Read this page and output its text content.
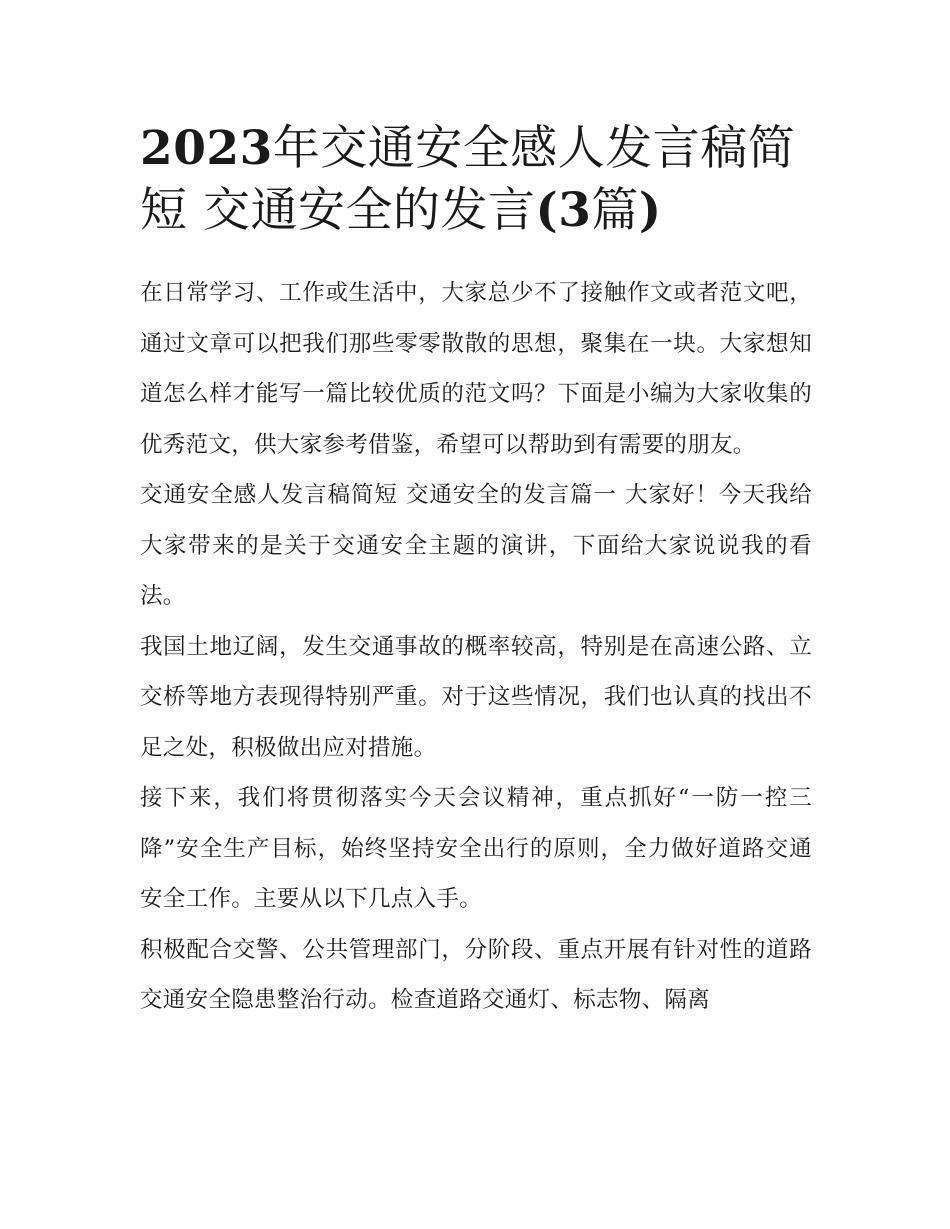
2023年交通安全感人发言稿简短 交通安全的发言(3篇)

在日常学习、工作或生活中，大家总少不了接触作文或者范文吧，通过文章可以把我们那些零零散散的思想，聚集在一块。大家想知道怎么样才能写一篇比较优质的范文吗？下面是小编为大家收集的优秀范文，供大家参考借鉴，希望可以帮助到有需要的朋友。

交通安全感人发言稿简短 交通安全的发言篇一 大家好！今天我给大家带来的是关于交通安全主题的演讲，下面给大家说说我的看法。

我国土地辽阔，发生交通事故的概率较高，特别是在高速公路、立交桥等地方表现得特别严重。对于这些情况，我们也认真的找出不足之处，积极做出应对措施。

接下来，我们将贯彻落实今天会议精神，重点抓好“一防一控三降”安全生产目标，始终坚持安全出行的原则，全力做好道路交通安全工作。主要从以下几点入手。

积极配合交警、公共管理部门，分阶段、重点开展有针对性的道路交通安全隐患整治行动。检查道路交通灯、标志物、隔离
